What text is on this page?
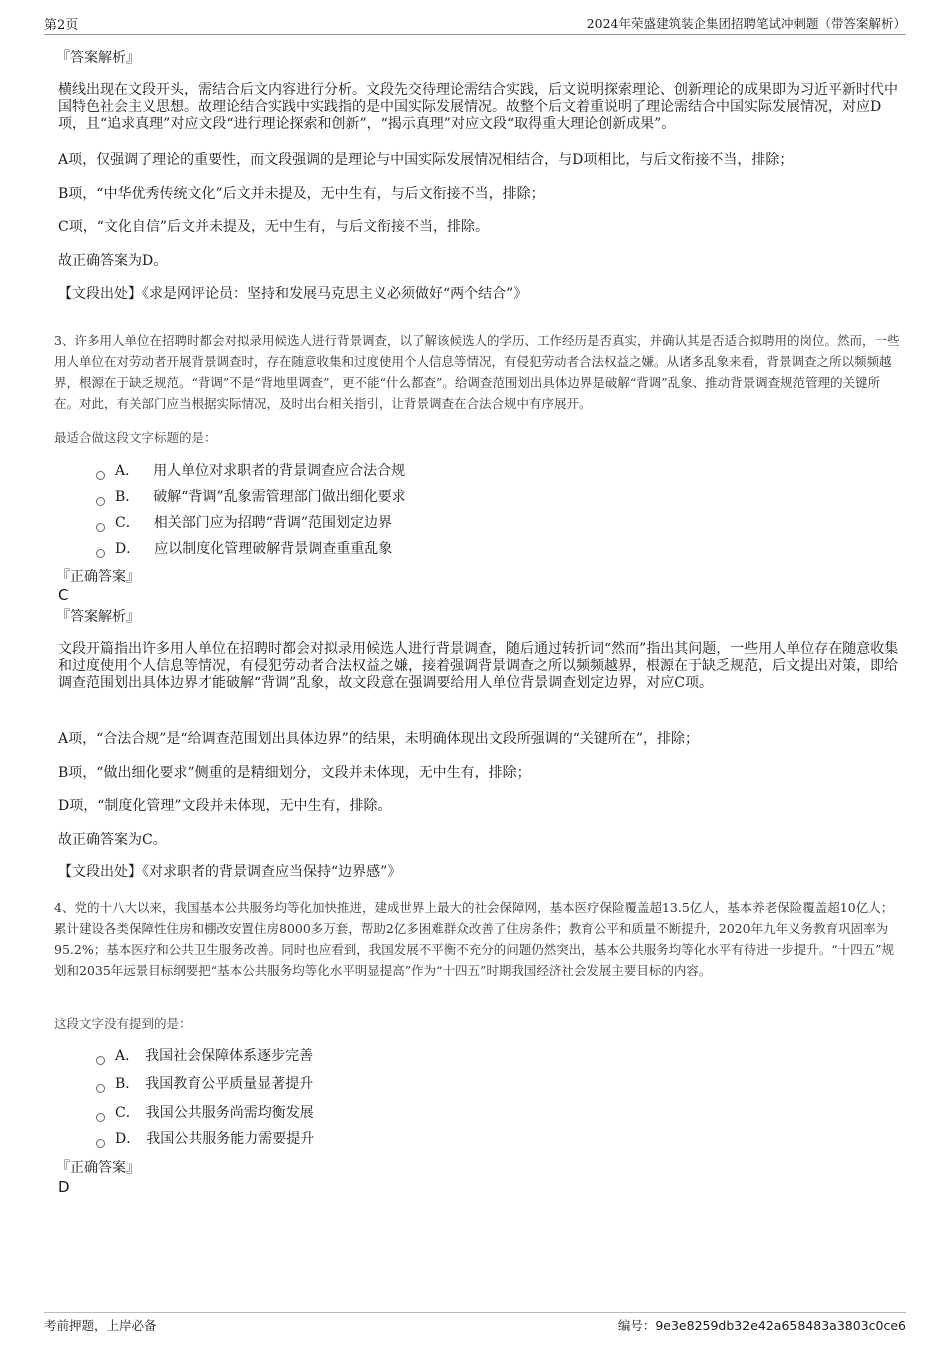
第2页	2024年荣盛建筑装企集团招聘笔试冲刺题（带答案解析）
『答案解析』

横线出现在文段开头，需结合后文内容进行分析。文段先交待理论需结合实践，后文说明探索理论、创新理论的成果即为习近平新时代中国特色社会主义思想。故理论结合实践中实践指的是中国实际发展情况。故整个后文着重说明了理论需结合中国实际发展情况，对应D项，且“追求真理”对应文段“进行理论探索和创新”，“揭示真理”对应文段“取得重大理论创新成果”。

A项，仅强调了理论的重要性，而文段强调的是理论与中国实际发展情况相结合，与D项相比，与后文衔接不当，排除；

B项，“中华优秀传统文化”后文并未提及，无中生有，与后文衔接不当，排除；

C项，“文化自信”后文并未提及，无中生有，与后文衔接不当，排除。

故正确答案为D。

【文段出处】《求是网评论员：坚持和发展马克思主义必须做好“两个结合”》

3、许多用人单位在招聘时都会对拟录用候选人进行背景调查，以了解该候选人的学历、工作经历是否真实，并确认其是否适合拟聘用的岗位。然而，一些用人单位在对劳动者开展背景调查时，存在随意收集和过度使用个人信息等情况，有侵犯劳动者合法权益之嫌。从诸多乱象来看，背景调查之所以频频越界，根源在于缺乏规范。“背调”不是“背地里调查”，更不能“什么都查”。给调查范围划出具体边界是破解“背调”乱象、推动背景调查规范管理的关键所在。对此，有关部门应当根据实际情况，及时出台相关指引，让背景调查在合法合规中有序展开。
最适合做这段文字标题的是：
A． 用人单位对求职者的背景调查应合法合规
B． 破解“背调”乱象需管理部门做出细化要求
C． 相关部门应为招聘“背调”范围划定边界
D． 应以制度化管理破解背景调查重重乱象
『正确答案』
C
『答案解析』

文段开篇指出许多用人单位在招聘时都会对拟录用候选人进行背景调查，随后通过转折词“然而”指出其问题，一些用人单位存在随意收集和过度使用个人信息等情况，有侵犯劳动者合法权益之嫌，接着强调背景调查之所以频频越界，根源在于缺乏规范，后文提出对策，即给调查范围划出具体边界才能破解“背调”乱象，故文段意在强调要给用人单位背景调查划定边界，对应C项。

A项，“合法合规”是“给调查范围划出具体边界”的结果，未明确体现出文段所强调的“关键所在”，排除；

B项，“做出细化要求”侧重的是精细划分，文段并未体现，无中生有，排除；

D项，“制度化管理”文段并未体现，无中生有，排除。

故正确答案为C。

【文段出处】《对求职者的背景调查应当保持“边界感”》

4、党的十八大以来，我国基本公共服务均等化加快推进，建成世界上最大的社会保障网，基本医疗保险覆盖超13.5亿人，基本养老保险覆盖超10亿人；累计建设各类保障性住房和棚改安置住房8000多万套，帮助2亿多困难群众改善了住房条件；教育公平和质量不断提升，2020年九年义务教育巩固率为95.2%；基本医疗和公共卫生服务改善。同时也应看到，我国发展不平衡不充分的问题仍然突出，基本公共服务均等化水平有待进一步提升。“十四五”规划和2035年远景目标纲要把“基本公共服务均等化水平明显提高”作为“十四五”时期我国经济社会发展主要目标的内容。
这段文字没有提到的是：
A． 我国社会保障体系逐步完善
B． 我国教育公平质量显著提升
C． 我国公共服务尚需均衡发展
D． 我国公共服务能力需要提升
『正确答案』
D
考前押题，上岸必备	编号：9e3e8259db32e42a658483a3803c0ce6
